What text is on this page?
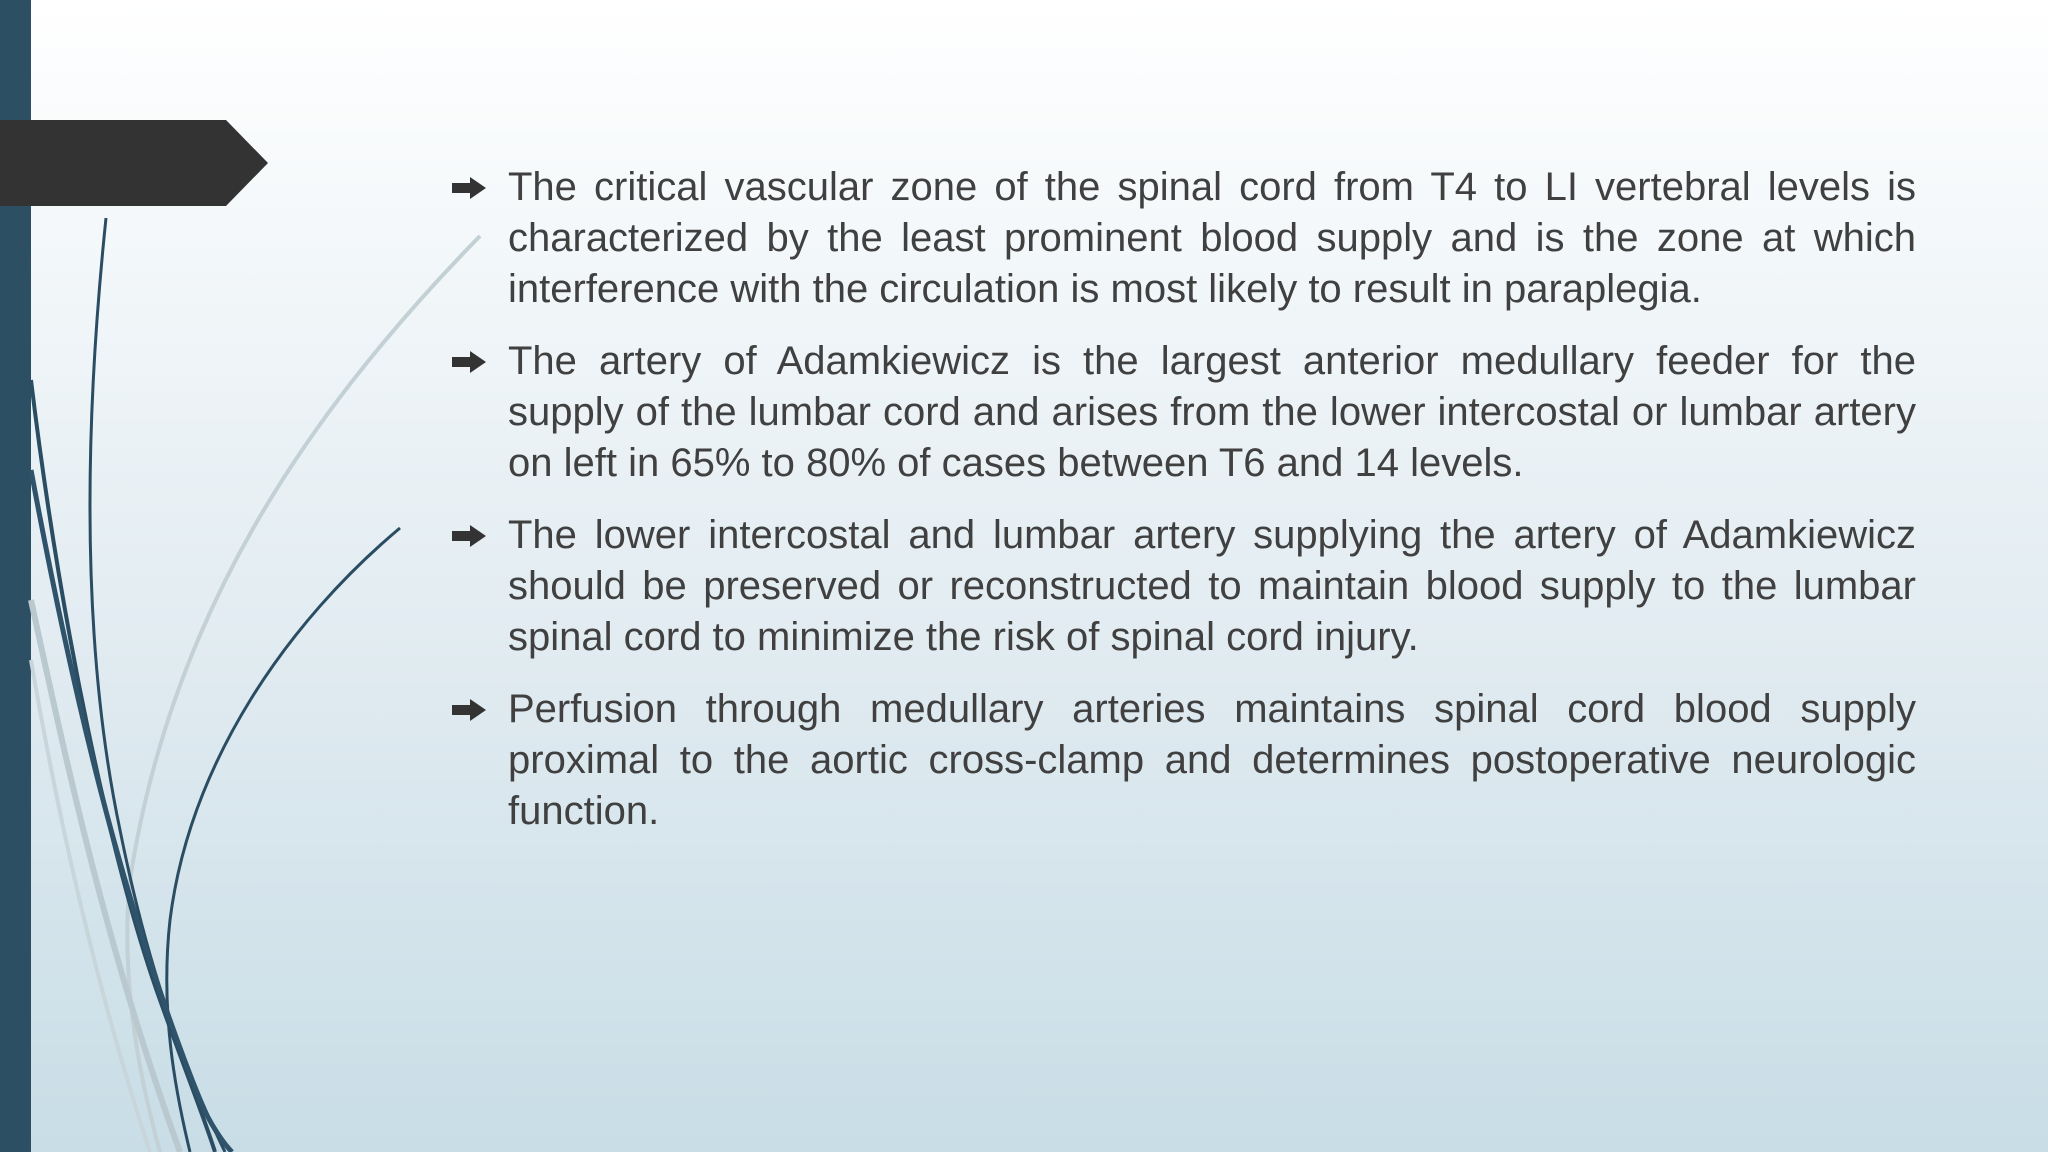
The critical vascular zone of the spinal cord from T4 to LI vertebral levels is characterized by the least prominent blood supply and is the zone at which interference with the circulation is most likely to result in paraplegia.
The artery of Adamkiewicz is the largest anterior medullary feeder for the supply of the lumbar cord and arises from the lower intercostal or lumbar artery on left in 65% to 80% of cases between T6 and 14 levels.
The lower intercostal and lumbar artery supplying the artery of Adamkiewicz should be preserved or reconstructed to maintain blood supply to the lumbar spinal cord to minimize the risk of spinal cord injury.
Perfusion through medullary arteries maintains spinal cord blood supply proximal to the aortic cross-clamp and determines postoperative neurologic function.
